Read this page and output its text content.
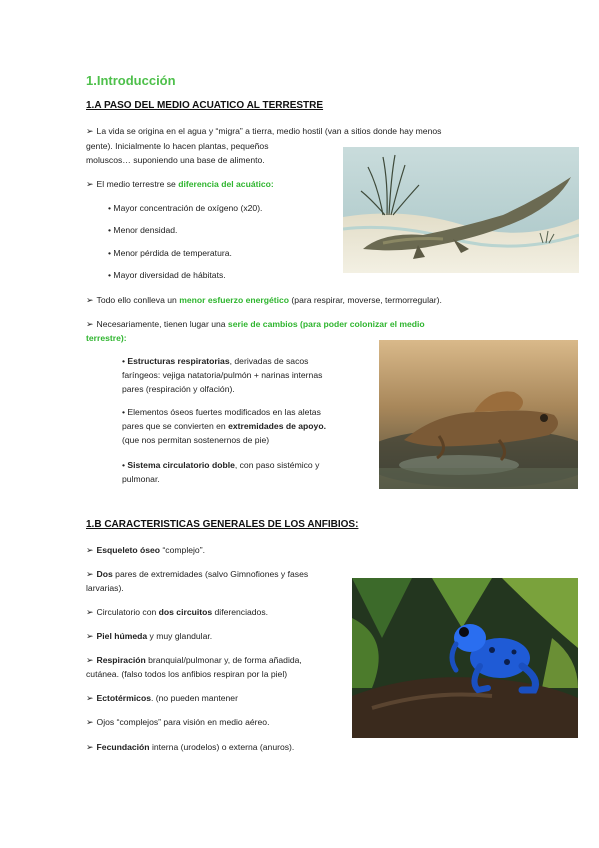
1.Introducción
1.A PASO DEL MEDIO ACUATICO AL TERRESTRE
➢ La vida se origina en el agua y “migra” a tierra, medio hostil (van a sitios donde hay menos
gente). Inicialmente lo hacen plantas, pequeños
moluscos… suponiendo una base de alimento.
➢ El medio terrestre se diferencia del acuático:
• Mayor concentración de oxígeno (x20).
• Menor densidad.
• Menor pérdida de temperatura.
• Mayor diversidad de hábitats.
➢ Todo ello conlleva un menor esfuerzo energético (para respirar, moverse, termorregular).
➢ Necesariamente, tienen lugar una serie de cambios (para poder colonizar el medio
terrestre):
• Estructuras respiratorias, derivadas de sacos
faríngeos: vejiga natatoria/pulmón + narinas internas
pares (respiración y olfación).
• Elementos óseos fuertes modificados en las aletas
pares que se convierten en extremidades de apoyo.
(que nos permitan sostenernos de pie)
• Sistema circulatorio doble, con paso sistémico y
pulmonar.
1.B CARACTERISTICAS GENERALES DE LOS ANFIBIOS:
➢ Esqueleto óseo “complejo”.
➢ Dos pares de extremidades (salvo Gimnofiones y fases
larvarias).
➢ Circulatorio con dos circuitos diferenciados.
➢ Piel húmeda y muy glandular.
➢ Respiración branquial/pulmonar y, de forma añadida,
cutánea. (falso todos los anfibios respiran por la piel)
➢ Ectotérmicos. (no pueden mantener
➢ Ojos “complejos” para visión en medio aéreo.
➢ Fecundación interna (urodelos) o externa (anuros).
